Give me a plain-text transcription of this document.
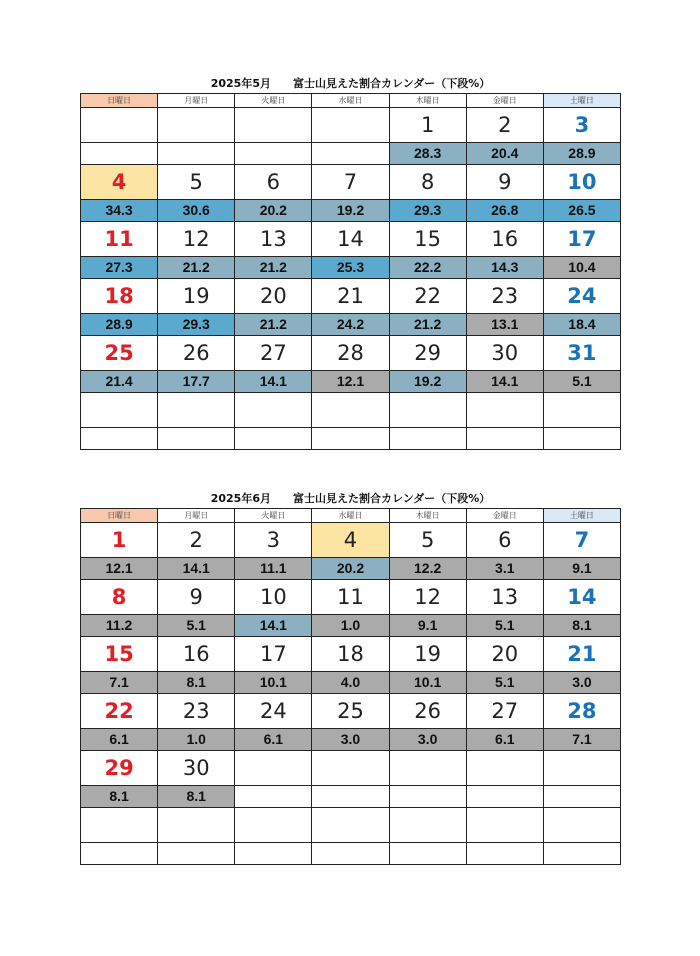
2025年5月　　富士山見えた割合カレンダー（下段%）
日曜日	月曜日	火曜日	水曜日	木曜日	金曜日	土曜日
				1	2	3
				28.3	20.4	28.9
4	5	6	7	8	9	10
34.3	30.6	20.2	19.2	29.3	26.8	26.5
11	12	13	14	15	16	17
27.3	21.2	21.2	25.3	22.2	14.3	10.4
18	19	20	21	22	23	24
28.9	29.3	21.2	24.2	21.2	13.1	18.4
25	26	27	28	29	30	31
21.4	17.7	14.1	12.1	19.2	14.1	5.1

2025年6月　　富士山見えた割合カレンダー（下段%）
日曜日	月曜日	火曜日	水曜日	木曜日	金曜日	土曜日
1	2	3	4	5	6	7
12.1	14.1	11.1	20.2	12.2	3.1	9.1
8	9	10	11	12	13	14
11.2	5.1	14.1	1.0	9.1	5.1	8.1
15	16	17	18	19	20	21
7.1	8.1	10.1	4.0	10.1	5.1	3.0
22	23	24	25	26	27	28
6.1	1.0	6.1	3.0	3.0	6.1	7.1
29	30					
8.1	8.1					
